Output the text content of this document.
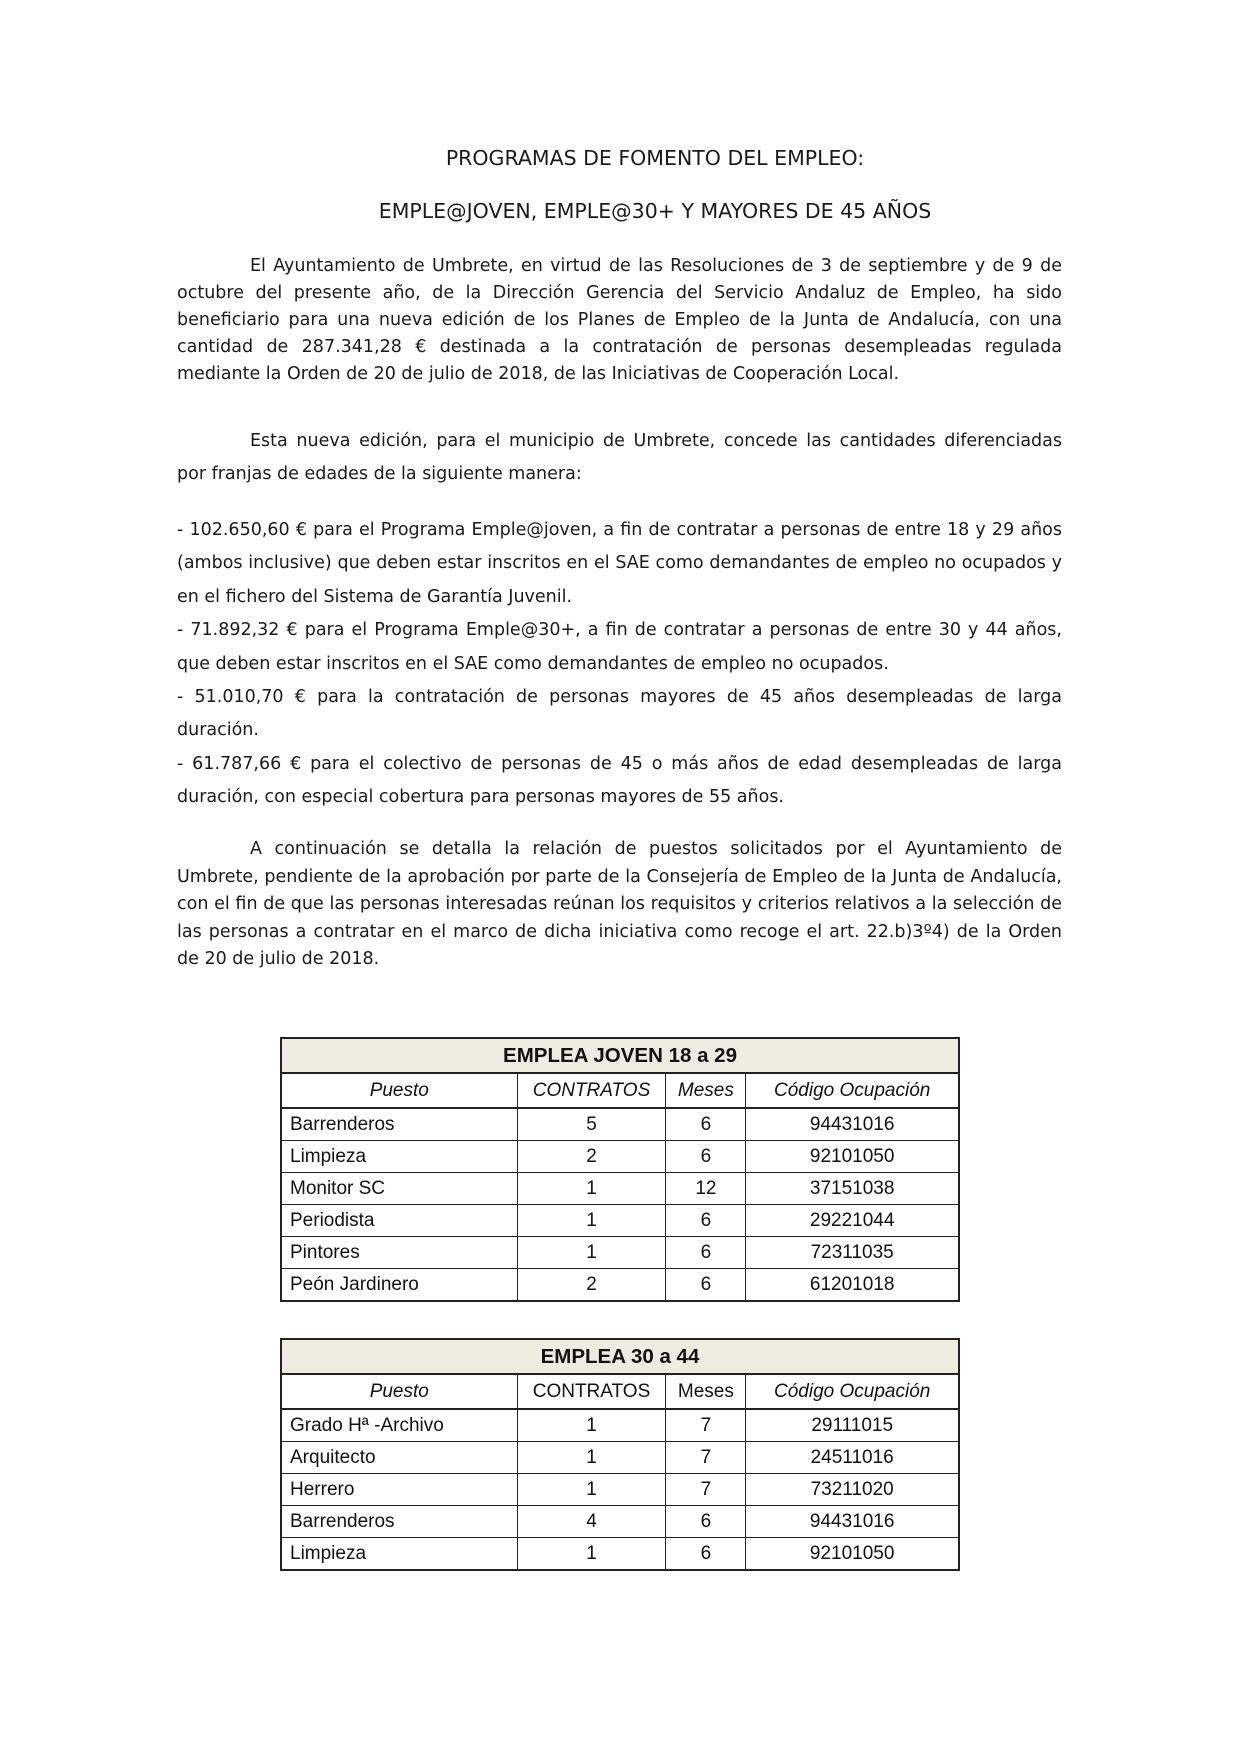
PROGRAMAS DE FOMENTO DEL EMPLEO:
EMPLE@JOVEN, EMPLE@30+ Y MAYORES DE 45 AÑOS

El Ayuntamiento de Umbrete, en virtud de las Resoluciones de 3 de septiembre y de 9 de octubre del presente año, de la Dirección Gerencia del Servicio Andaluz de Empleo, ha sido beneficiario para una nueva edición de los Planes de Empleo de la Junta de Andalucía, con una cantidad de 287.341,28 € destinada a la contratación de personas desempleadas regulada mediante la Orden de 20 de julio de 2018, de las Iniciativas de Cooperación Local.

Esta nueva edición, para el municipio de Umbrete, concede las cantidades diferenciadas por franjas de edades de la siguiente manera:

- 102.650,60 € para el Programa Emple@joven, a fin de contratar a personas de entre 18 y 29 años (ambos inclusive) que deben estar inscritos en el SAE como demandantes de empleo no ocupados y en el fichero del Sistema de Garantía Juvenil.

- 71.892,32 € para el Programa Emple@30+, a fin de contratar a personas de entre 30 y 44 años, que deben estar inscritos en el SAE como demandantes de empleo no ocupados.

- 51.010,70 € para la contratación de personas mayores de 45 años desempleadas de larga duración.

- 61.787,66 € para el colectivo de personas de 45 o más años de edad desempleadas de larga duración, con especial cobertura para personas mayores de 55 años.

A continuación se detalla la relación de puestos solicitados por el Ayuntamiento de Umbrete, pendiente de la aprobación por parte de la Consejería de Empleo de la Junta de Andalucía, con el fin de que las personas interesadas reúnan los requisitos y criterios relativos a la selección de las personas a contratar en el marco de dicha iniciativa como recoge el art. 22.b)3º4) de la Orden de 20 de julio de 2018.

EMPLEA JOVEN 18 a 29			
Puesto	CONTRATOS	Meses	Código Ocupación
Barrenderos	5	6	94431016
Limpieza	2	6	92101050
Monitor SC	1	12	37151038
Periodista	1	6	29221044
Pintores	1	6	72311035
Peón Jardinero	2	6	61201018
EMPLEA 30 a 44			
Puesto	CONTRATOS	Meses	Código Ocupación
Grado Hª -Archivo	1	7	29111015
Arquitecto	1	7	24511016
Herrero	1	7	73211020
Barrenderos	4	6	94431016
Limpieza	1	6	92101050
